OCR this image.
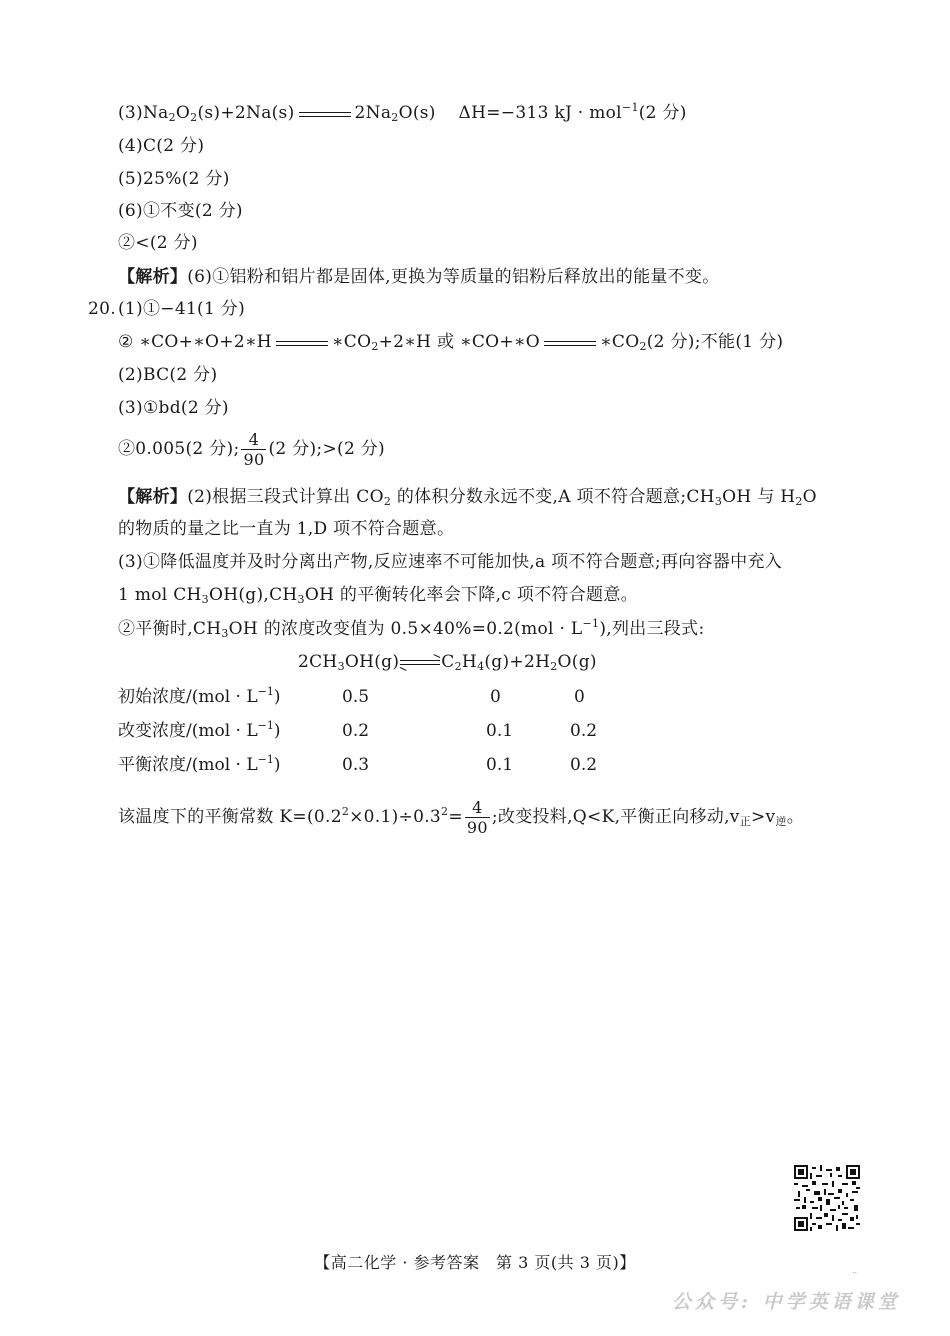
$(3)Na_2O_2(s)+2Na(s)$	$2Na_2O(s)$ ΔH=−313 kJ · mol$^{-1}$(2 分)
(4)C(2 分)
(5)25%(2 分)
(6)①不变(2 分)
②<(2 分)
【解析】(6)①铝粉和铝片都是固体,更换为等质量的铝粉后释放出的能量不变。
20. (1)①−41(1 分)
② ∗CO+∗O+2∗H	$∗CO_2+2∗H$ 或 ∗CO+∗O	$∗CO_2(2$ 分);不能(1 分)
(2)BC(2 分)
(3)①bd(2 分)
②0.005(2 分); $\frac{4}{90} (2$ 分);>(2 分)
【解析】(2)根据三段式计算出 $CO_2$ 的体积分数永远不变,A 项不符合题意$;CH_3OH$ 与 $H_2O$
的物质的量之比一直为 1,D 项不符合题意。
(3)①降低温度并及时分离出产物,反应速率不可能加快,a 项不符合题意;再向容器中充入
1 mol $CH_3OH(g),CH_3OH$ 的平衡转化率会下降,c 项不符合题意。
②平衡时$,CH_3OH$ 的浓度改变值为 $0.5\times 40\%=0.2(mol \cdot L^{-1})$,列出三段式:
$2CH_3OH(g)\rightleftharpoons C_2H_4(g)+2H_2O(g)$
初始浓度$/(mol \cdot L^{-1})$	0.5	0	0
改变浓度$/(mol \cdot L^{-1})$	0.2	0.1	0.2
平衡浓度$/(mol \cdot L^{-1})$	0.3	0.1	0.2
该温度下的平衡常数 $K=(0.2^2\times 0.1)\div 0.3^2= \frac{4}{90}$ ;改变投料,Q<K,平衡正向移动$,v_正>v_逆$。
..
【高二化学 · 参考答案　第 3 页(共 3 页)】
公众号: 中学英语课堂
